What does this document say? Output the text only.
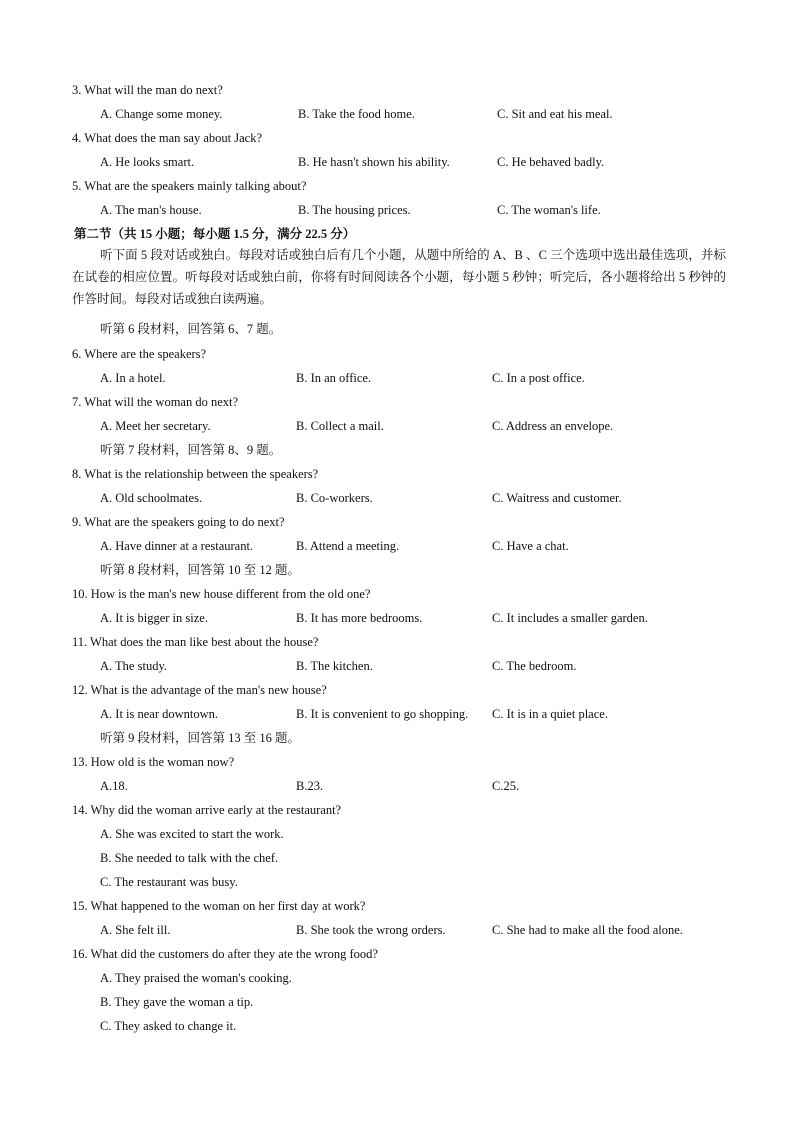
3. What will the man do next?
A. Change some money.	B. Take the food home.	C. Sit and eat his meal.
4. What does the man say about Jack?
A. He looks smart.	B. He hasn't shown his ability.	C. He behaved badly.
5. What are the speakers mainly talking about?
A. The man's house.	B. The housing prices.	C. The woman's life.
第二节（共 15 小题；每小题 1.5 分，满分 22.5 分）
听下面 5 段对话或独白。每段对话或独白后有几个小题，从题中所给的 A、B 、C 三个选项中选出最佳选项，并标在试卷的相应位置。听每段对话或独白前，你将有时间阅读各个小题，每小题 5 秒钟；听完后，各小题将给出 5 秒钟的作答时间。每段对话或独白读两遍。
听第 6 段材料，回答第 6、7 题。
6. Where are the speakers?
A. In a hotel.	B. In an office.	C. In a post office.
7. What will the woman do next?
A. Meet her secretary.	B. Collect a mail.	C. Address an envelope.
听第 7 段材料，回答第 8、9 题。
8. What is the relationship between the speakers?
A. Old schoolmates.	B. Co-workers.	C. Waitress and customer.
9. What are the speakers going to do next?
A. Have dinner at a restaurant.	B. Attend a meeting.	C. Have a chat.
听第 8 段材料，回答第 10 至 12 题。
10. How is the man's new house different from the old one?
A. It is bigger in size.	B. It has more bedrooms.	C. It includes a smaller garden.
11. What does the man like best about the house?
A. The study.	B. The kitchen.	C. The bedroom.
12. What is the advantage of the man's new house?
A. It is near downtown.	B. It is convenient to go shopping. C. It is in a quiet place.
听第 9 段材料，回答第 13 至 16 题。
13. How old is the woman now?
A.18.	B.23.	C.25.
14. Why did the woman arrive early at the restaurant?
A. She was excited to start the work.
B. She needed to talk with the chef.
C. The restaurant was busy.
15. What happened to the woman on her first day at work?
A. She felt ill.	B. She took the wrong orders.	C. She had to make all the food alone.
16. What did the customers do after they ate the wrong food?
A. They praised the woman's cooking.
B. They gave the woman a tip.
C. They asked to change it.
